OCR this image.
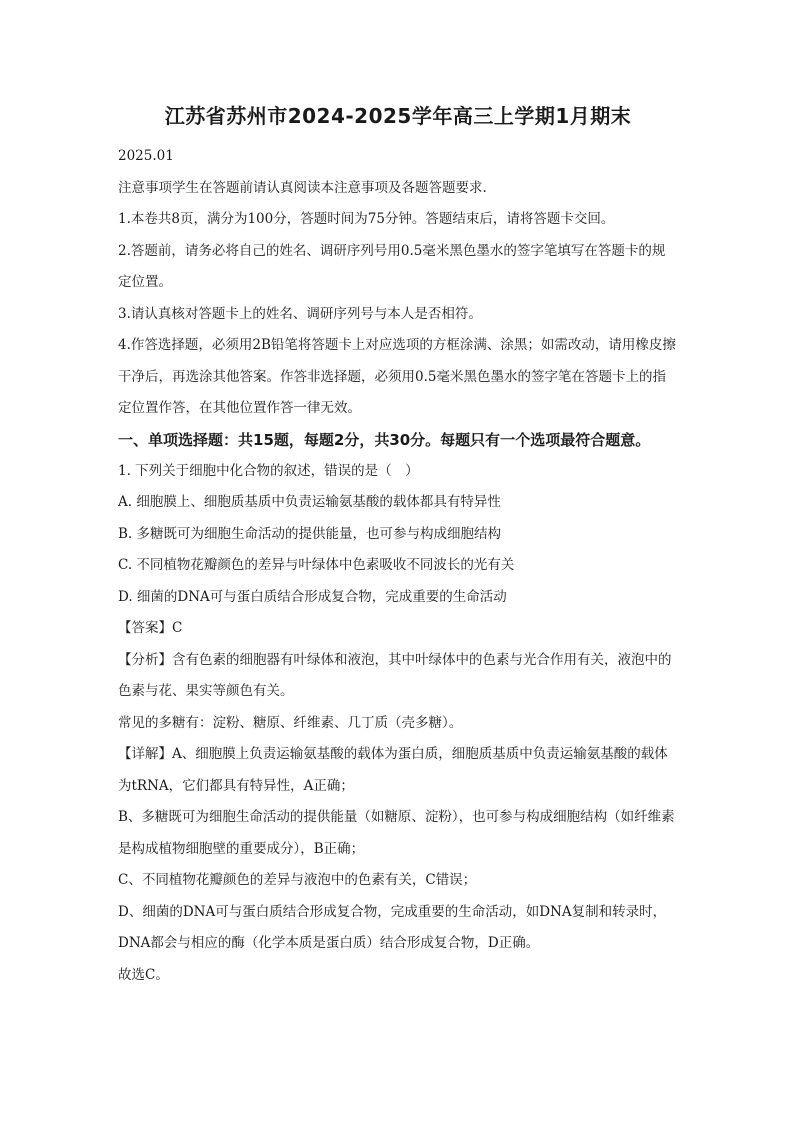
江苏省苏州市2024-2025学年高三上学期1月期末

2025.01

注意事项学生在答题前请认真阅读本注意事项及各题答题要求.

1.本卷共8页，满分为100分，答题时间为75分钟。答题结束后，请将答题卡交回。

2.答题前，请务必将自己的姓名、调研序列号用0.5毫米黑色墨水的签字笔填写在答题卡的规定位置。

3.请认真核对答题卡上的姓名、调研序列号与本人是否相符。

4.作答选择题，必须用2B铅笔将答题卡上对应选项的方框涂满、涂黑；如需改动，请用橡皮擦干净后，再选涂其他答案。作答非选择题，必须用0.5毫米黑色墨水的签字笔在答题卡上的指定位置作答，在其他位置作答一律无效。

一、单项选择题：共15题，每题2分，共30分。每题只有一个选项最符合题意。

1. 下列关于细胞中化合物的叙述，错误的是（　）

A. 细胞膜上、细胞质基质中负责运输氨基酸的载体都具有特异性

B. 多糖既可为细胞生命活动的提供能量，也可参与构成细胞结构

C. 不同植物花瓣颜色的差异与叶绿体中色素吸收不同波长的光有关

D. 细菌的DNA可与蛋白质结合形成复合物，完成重要的生命活动

【答案】C

【分析】含有色素的细胞器有叶绿体和液泡，其中叶绿体中的色素与光合作用有关，液泡中的色素与花、果实等颜色有关。

常见的多糖有：淀粉、糖原、纤维素、几丁质（壳多糖）。

【详解】A、细胞膜上负责运输氨基酸的载体为蛋白质，细胞质基质中负责运输氨基酸的载体为tRNA，它们都具有特异性，A正确；

B、多糖既可为细胞生命活动的提供能量（如糖原、淀粉），也可参与构成细胞结构（如纤维素是构成植物细胞壁的重要成分），B正确；

C、不同植物花瓣颜色的差异与液泡中的色素有关，C错误；

D、细菌的DNA可与蛋白质结合形成复合物，完成重要的生命活动，如DNA复制和转录时，DNA都会与相应的酶（化学本质是蛋白质）结合形成复合物，D正确。

故选C。
